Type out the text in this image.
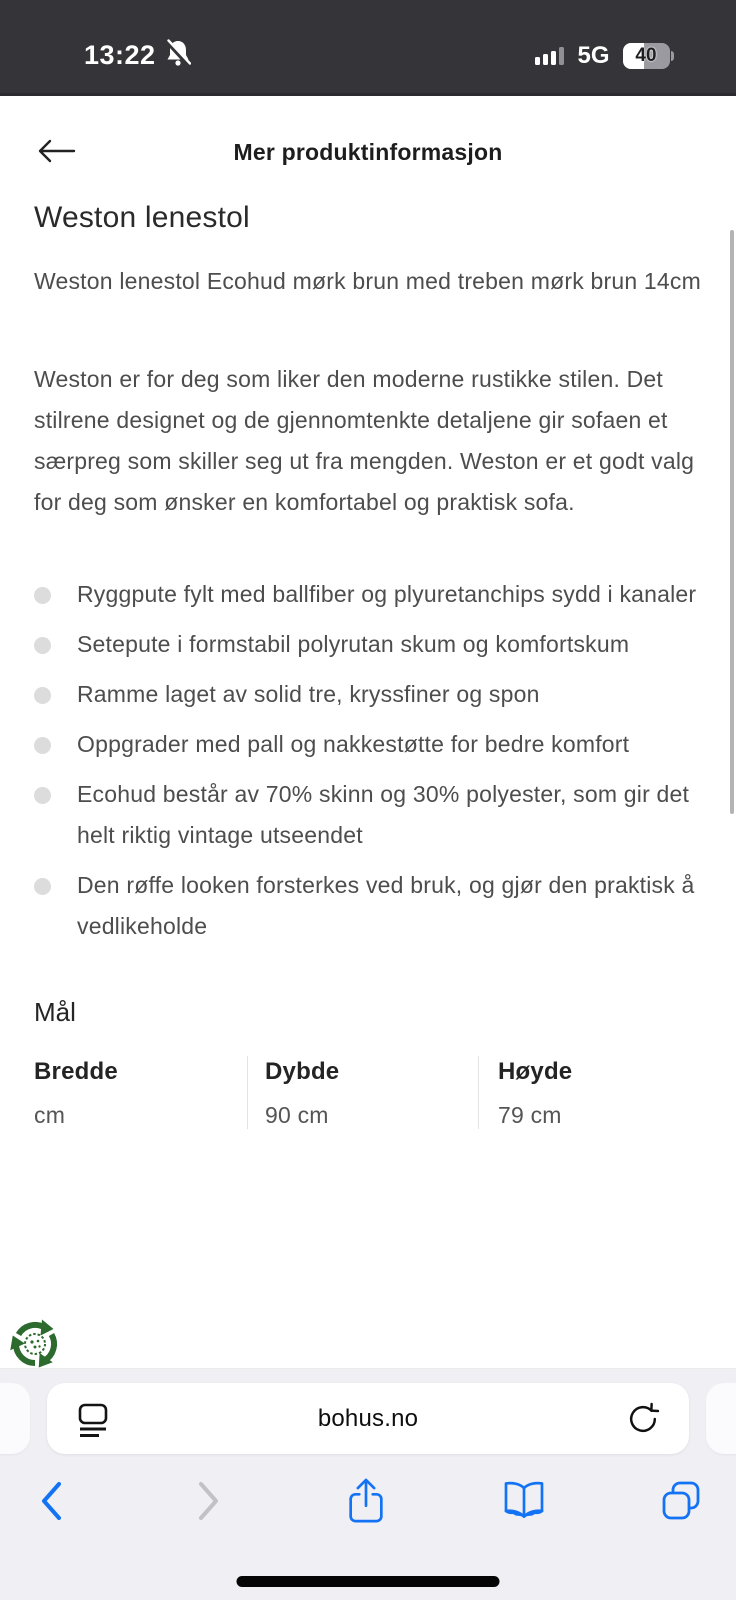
13:22	5G	40
Mer produktinformasjon
Weston lenestol

Weston lenestol Ecohud mørk brun med treben mørk brun 14cm

Weston er for deg som liker den moderne rustikke stilen. Det stilrene designet og de gjennomtenkte detaljene gir sofaen et særpreg som skiller seg ut fra mengden. Weston er et godt valg for deg som ønsker en komfortabel og praktisk sofa.

Ryggpute fylt med ballfiber og plyuretanchips sydd i kanaler
Setepute i formstabil polyrutan skum og komfortskum
Ramme laget av solid tre, kryssfiner og spon
Oppgrader med pall og nakkestøtte for bedre komfort
Ecohud består av 70% skinn og 30% polyester, som gir det helt riktig vintage utseendet
Den røffe looken forsterkes ved bruk, og gjør den praktisk å vedlikeholde
Mål
Bredde
cm
Dybde
90 cm
Høyde
79 cm
bohus.no
